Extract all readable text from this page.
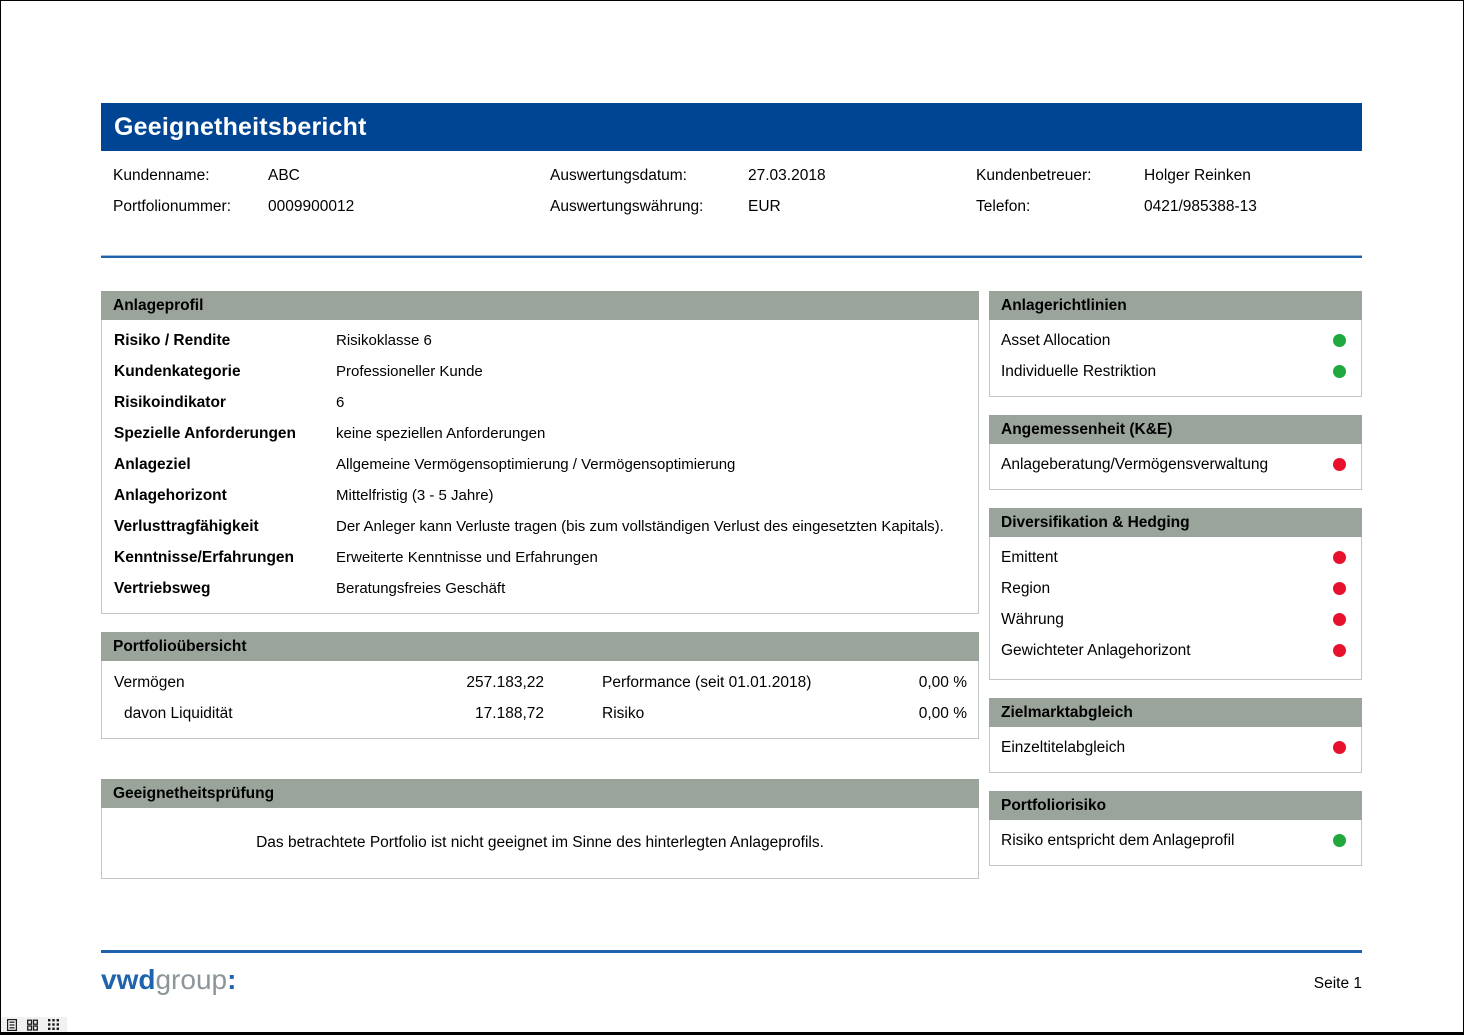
Geeignetheitsbericht
Kundenname:	ABC
Portfolionummer:	0009900012
Auswertungsdatum:	27.03.2018
Auswertungswährung:	EUR
Kundenbetreuer:	Holger Reinken
Telefon:	0421/985388-13
Anlageprofil
Risiko / Rendite	Risikoklasse 6
Kundenkategorie	Professioneller Kunde
Risikoindikator	6
Spezielle Anforderungen	keine speziellen Anforderungen
Anlageziel	Allgemeine Vermögensoptimierung / Vermögensoptimierung
Anlagehorizont	Mittelfristig (3 - 5 Jahre)
Verlusttragfähigkeit	Der Anleger kann Verluste tragen (bis zum vollständigen Verlust des eingesetzten Kapitals).
Kenntnisse/Erfahrungen	Erweiterte Kenntnisse und Erfahrungen
Vertriebsweg	Beratungsfreies Geschäft
Portfolioübersicht
Vermögen	257.183,22	Performance (seit 01.01.2018)	0,00 %
davon Liquidität	17.188,72	Risiko	0,00 %
Geeignetheitsprüfung
Das betrachtete Portfolio ist nicht geeignet im Sinne des hinterlegten Anlageprofils.
Anlagerichtlinien
Asset Allocation
Individuelle Restriktion
Angemessenheit (K&E)
Anlageberatung/Vermögensverwaltung
Diversifikation & Hedging
Emittent
Region
Währung
Gewichteter Anlagehorizont
Zielmarktabgleich
Einzeltitelabgleich
Portfoliorisiko
Risiko entspricht dem Anlageprofil
vwdgroup:	Seite 1
